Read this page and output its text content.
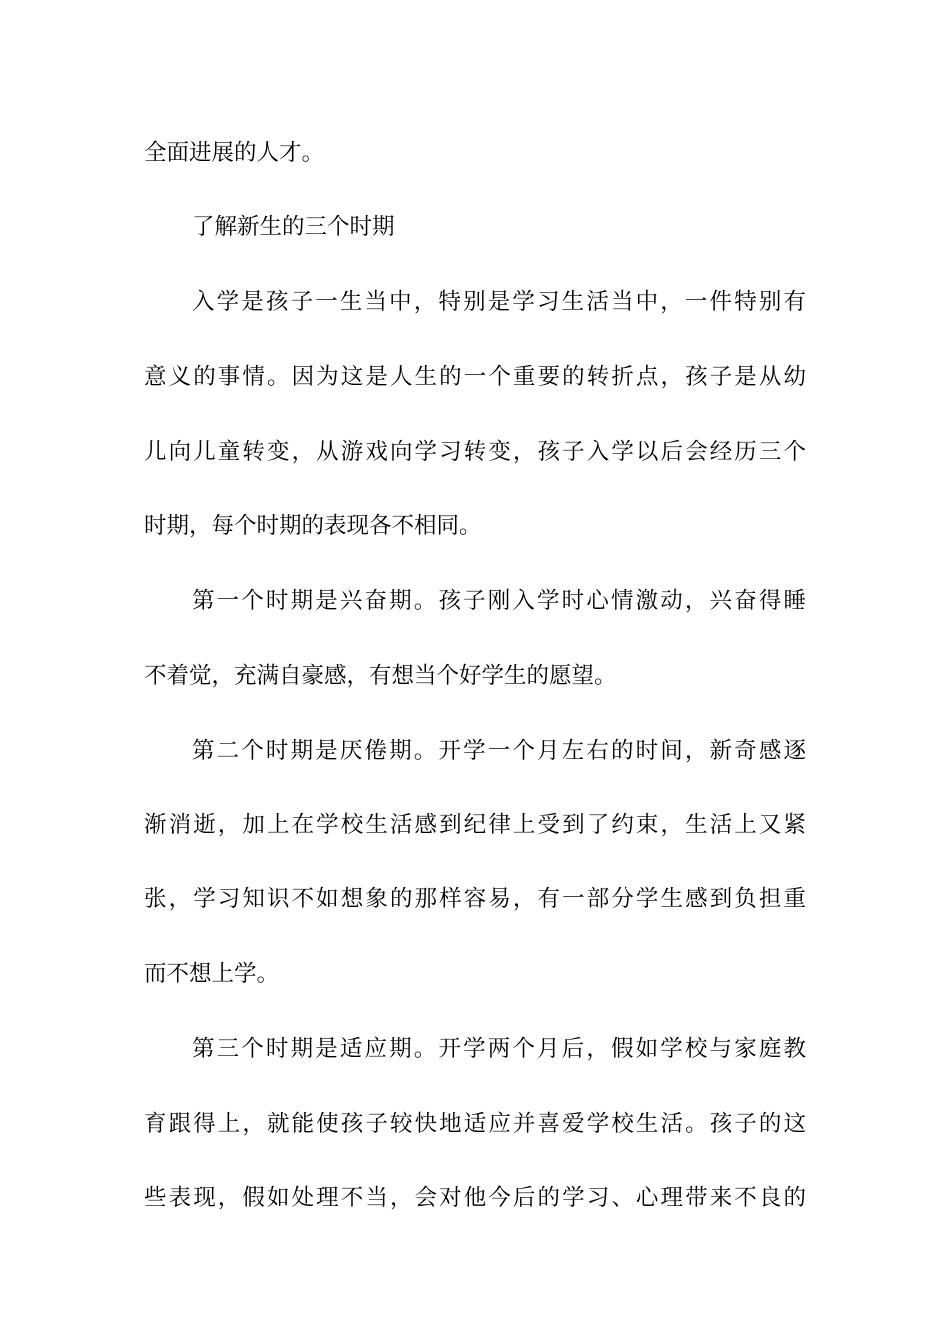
全面进展的人才。
了解新生的三个时期
入学是孩子一生当中，特别是学习生活当中，一件特别有
意义的事情。因为这是人生的一个重要的转折点，孩子是从幼
儿向儿童转变，从游戏向学习转变，孩子入学以后会经历三个
时期，每个时期的表现各不相同。
第一个时期是兴奋期。孩子刚入学时心情激动，兴奋得睡
不着觉，充满自豪感，有想当个好学生的愿望。
第二个时期是厌倦期。开学一个月左右的时间，新奇感逐
渐消逝，加上在学校生活感到纪律上受到了约束，生活上又紧
张，学习知识不如想象的那样容易，有一部分学生感到负担重
而不想上学。
第三个时期是适应期。开学两个月后，假如学校与家庭教
育跟得上，就能使孩子较快地适应并喜爱学校生活。孩子的这
些表现，假如处理不当，会对他今后的学习、心理带来不良的
